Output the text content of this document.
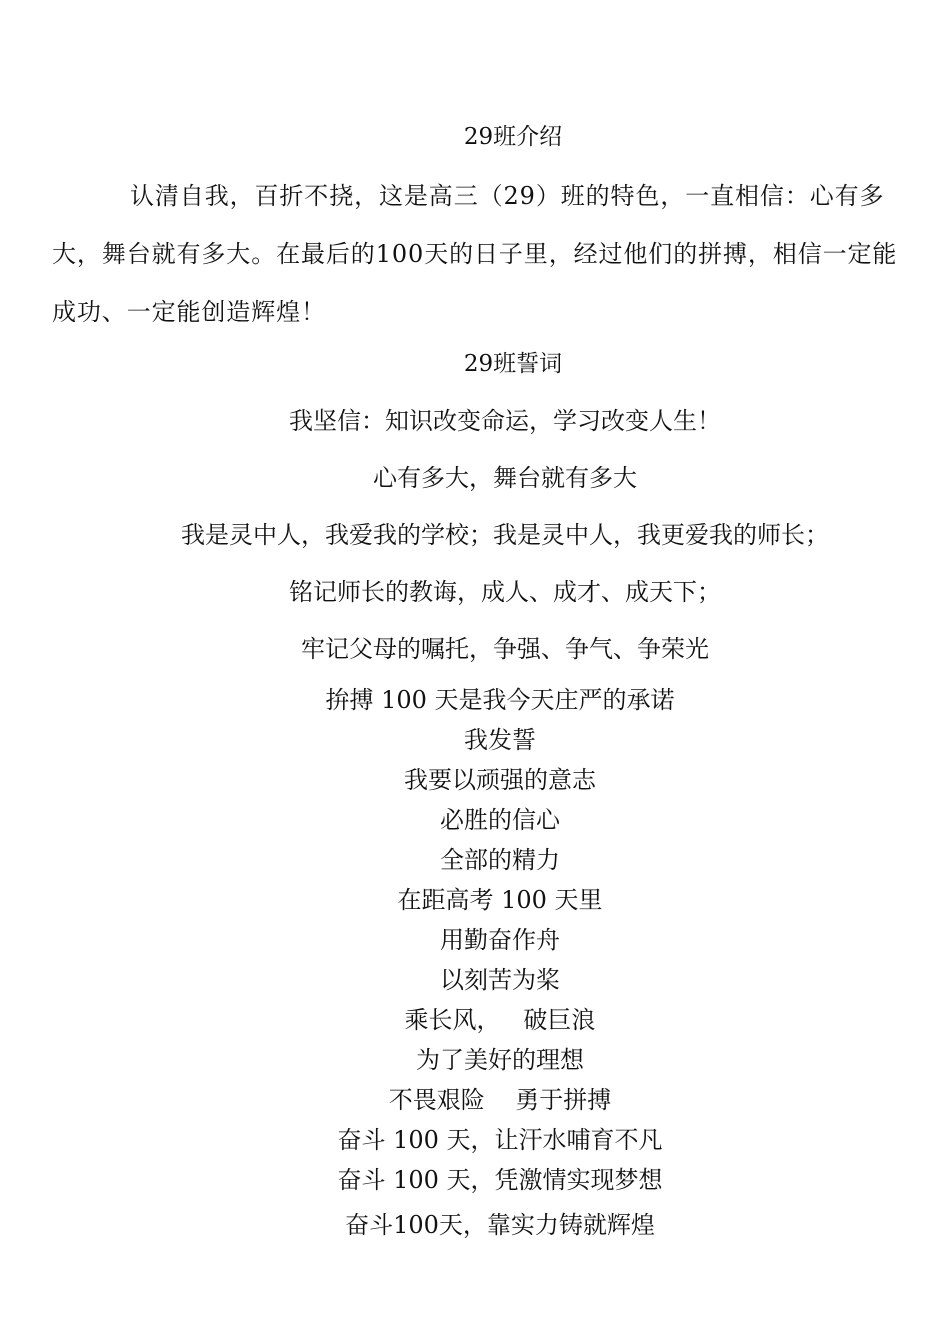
29班介绍
认清自我，百折不挠，这是高三（29）班的特色，一直相信：心有多
大，舞台就有多大。在最后的100天的日子里，经过他们的拼搏，相信一定能
成功、一定能创造辉煌！
29班誓词
我坚信：知识改变命运，学习改变人生！
心有多大，舞台就有多大
我是灵中人，我爱我的学校；我是灵中人，我更爱我的师长；
铭记师长的教诲，成人、成才、成天下；
牢记父母的嘱托，争强、争气、争荣光
拚搏 100 天是我今天庄严的承诺
我发誓
我要以顽强的意志
必胜的信心
全部的精力
在距高考 100 天里
用勤奋作舟
以刻苦为桨
乘长风，   破巨浪
为了美好的理想
不畏艰险    勇于拼搏
奋斗 100 天，让汗水哺育不凡
奋斗 100 天，凭激情实现梦想
奋斗100天，靠实力铸就辉煌
